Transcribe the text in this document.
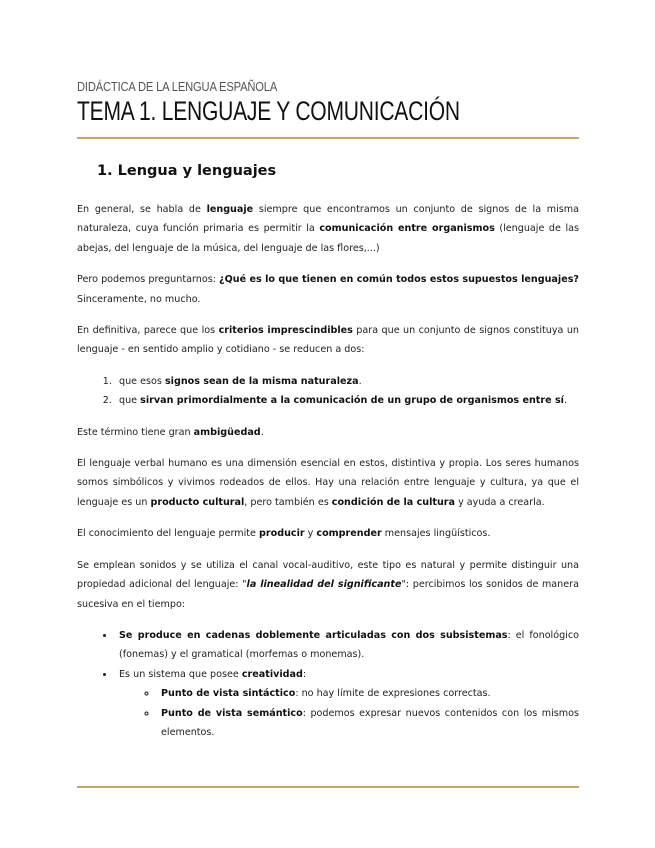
DIDÁCTICA DE LA LENGUA ESPAÑOLA
TEMA 1. LENGUAJE Y COMUNICACIÓN
1. Lengua y lenguajes

En general, se habla de lenguaje siempre que encontramos un conjunto de signos de la misma naturaleza, cuya función primaria es permitir la comunicación entre organismos (lenguaje de las abejas, del lenguaje de la música, del lenguaje de las flores,...)

Pero podemos preguntarnos: ¿Qué es lo que tienen en común todos estos supuestos lenguajes? Sinceramente, no mucho.

En definitiva, parece que los criterios imprescindibles para que un conjunto de signos constituya un lenguaje - en sentido amplio y cotidiano - se reducen a dos:

1. que esos signos sean de la misma naturaleza.
2. que sirvan primordialmente a la comunicación de un grupo de organismos entre sí.

Este término tiene gran ambigüedad.

El lenguaje verbal humano es una dimensión esencial en estos, distintiva y propia. Los seres humanos somos simbólicos y vivimos rodeados de ellos. Hay una relación entre lenguaje y cultura, ya que el lenguaje es un producto cultural, pero también es condición de la cultura y ayuda a crearla.

El conocimiento del lenguaje permite producir y comprender mensajes lingüísticos.

Se emplean sonidos y se utiliza el canal vocal-auditivo, este tipo es natural y permite distinguir una propiedad adicional del lenguaje: "la linealidad del significante": percibimos los sonidos de manera sucesiva en el tiempo:

• Se produce en cadenas doblemente articuladas con dos subsistemas: el fonológico (fonemas) y el gramatical (morfemas o monemas).
• Es un sistema que posee creatividad:
◦ Punto de vista sintáctico: no hay límite de expresiones correctas.
◦ Punto de vista semántico: podemos expresar nuevos contenidos con los mismos elementos.
